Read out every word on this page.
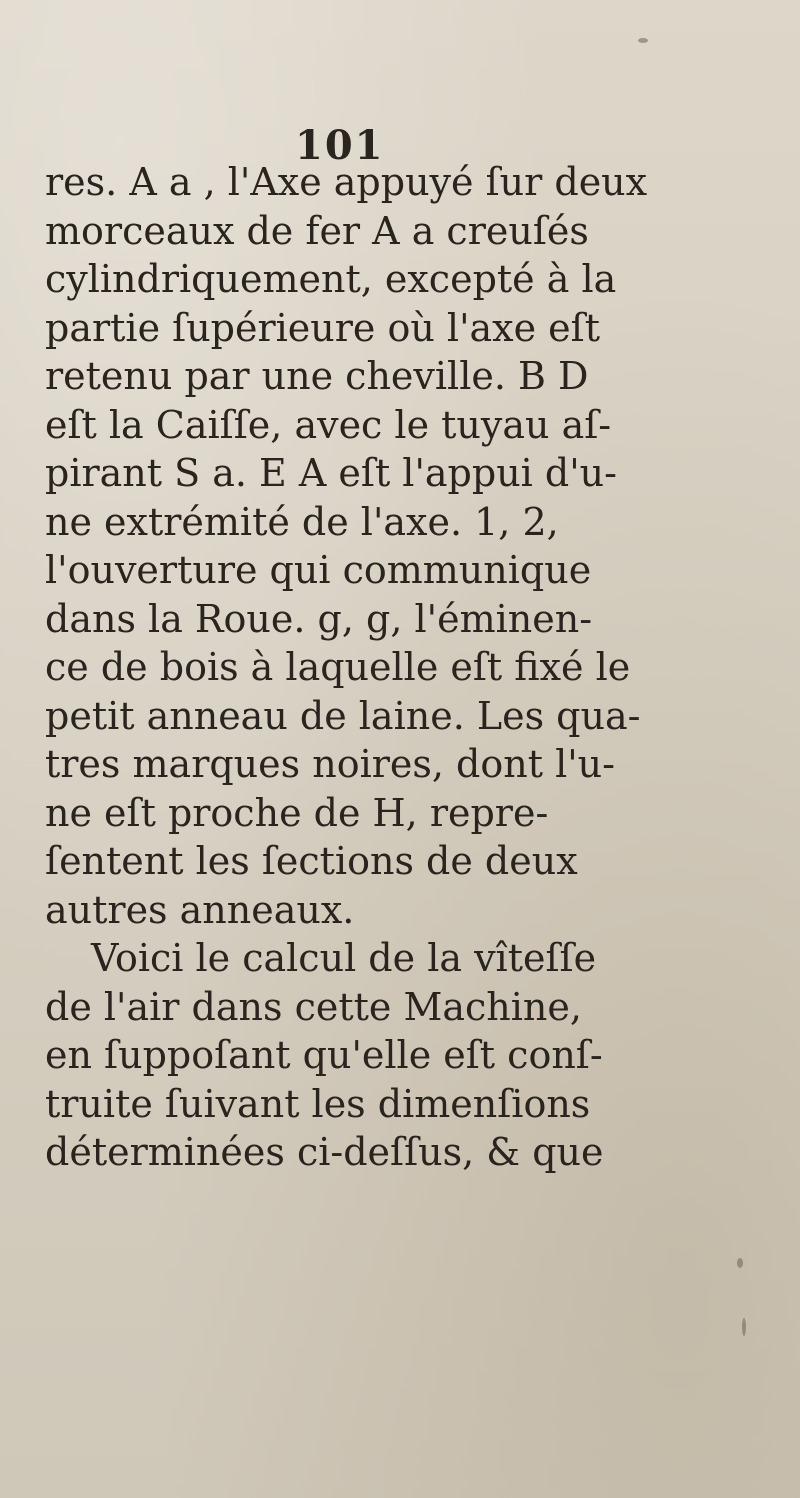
101
res. A a , l'Axe appuyé ſur deux
morceaux de fer A a creuſés
cylindriquement, excepté à la
partie ſupérieure où l'axe eſt
retenu par une cheville. B D
eſt la Caiſſe, avec le tuyau aſ-
pirant S a. E A eſt l'appui d'u-
ne extrémité de l'axe. 1, 2,
l'ouverture qui communique
dans la Roue. g, g, l'éminen-
ce de bois à laquelle eſt fixé le
petit anneau de laine. Les qua-
tres marques noires, dont l'u-
ne eſt proche de H, repre-
ſentent les ſections de deux
autres anneaux.
Voici le calcul de la vîteſſe
de l'air dans cette Machine,
en ſuppoſant qu'elle eſt conſ-
truite ſuivant les dimenſions
déterminées ci-deſſus, & que
